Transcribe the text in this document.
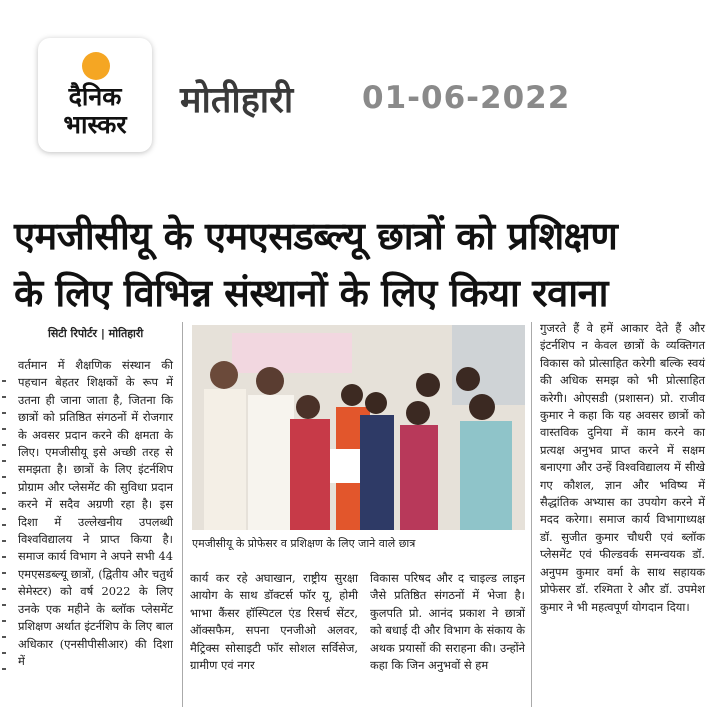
दैनिक
भास्कर
मोतीहारी 01-06-2022
एमजीसीयू के एमएसडब्ल्यू छात्रों को प्रशिक्षण
के लिए विभिन्न संस्थानों के लिए किया रवाना
सिटी रिपोर्टर | मोतिहारी
वर्तमान में शैक्षणिक संस्थान की पहचान बेहतर शिक्षकों के रूप में उतना ही जाना जाता है, जितना कि छात्रों को प्रतिष्ठित संगठनों में रोजगार के अवसर प्रदान करने की क्षमता के लिए। एमजीसीयू इसे अच्छी तरह से समझता है। छात्रों के लिए इंटर्नशिप प्रोग्राम और प्लेसमेंट की सुविधा प्रदान करने में सदैव अग्रणी रहा है। इस दिशा में उल्लेखनीय उपलब्धी विश्वविद्यालय ने प्राप्त किया है। समाज कार्य विभाग ने अपने सभी 44 एमएसडब्ल्यू छात्रों, (द्वितीय और चतुर्थ सेमेस्टर) को वर्ष 2022 के लिए उनके एक महीने के ब्लॉक प्लेसमेंट प्रशिक्षण अर्थात इंटर्नशिप के लिए बाल अधिकार (एनसीपीसीआर) की दिशा में
एमजीसीयू के प्रोफेसर व प्रशिक्षण के लिए जाने वाले छात्र
कार्य कर रहे अघाखान, राष्ट्रीय सुरक्षा आयोग के साथ डॉक्टर्स फॉर यू, होमी भाभा कैंसर हॉस्पिटल एंड रिसर्च सेंटर, ऑक्सफैम, सपना एनजीओ अलवर, मैट्रिक्स सोसाइटी फॉर सोशल सर्विसेज, ग्रामीण एवं नगर
विकास परिषद और द चाइल्ड लाइन जैसे प्रतिष्ठित संगठनों में भेजा है। कुलपति प्रो. आनंद प्रकाश ने छात्रों को बधाई दी और विभाग के संकाय के अथक प्रयासों की सराहना की। उन्होंने कहा कि जिन अनुभवों से हम
गुजरते हैं वे हमें आकार देते हैं और इंटर्नशिप न केवल छात्रों के व्यक्तिगत विकास को प्रोत्साहित करेगी बल्कि स्वयं की अधिक समझ को भी प्रोत्साहित करेगी। ओएसडी (प्रशासन) प्रो. राजीव कुमार ने कहा कि यह अवसर छात्रों को वास्तविक दुनिया में काम करने का प्रत्यक्ष अनुभव प्राप्त करने में सक्षम बनाएगा और उन्हें विश्वविद्यालय में सीखे गए कौशल, ज्ञान और भविष्य में सैद्धांतिक अभ्यास का उपयोग करने में मदद करेगा। समाज कार्य विभागाध्यक्ष डॉ. सुजीत कुमार चौधरी एवं ब्लॉक प्लेसमेंट एवं फील्डवर्क समन्वयक डॉ. अनुपम कुमार वर्मा के साथ सहायक प्रोफेसर डॉ. रश्मिता रे और डॉ. उपमेश कुमार ने भी महत्वपूर्ण योगदान दिया।
